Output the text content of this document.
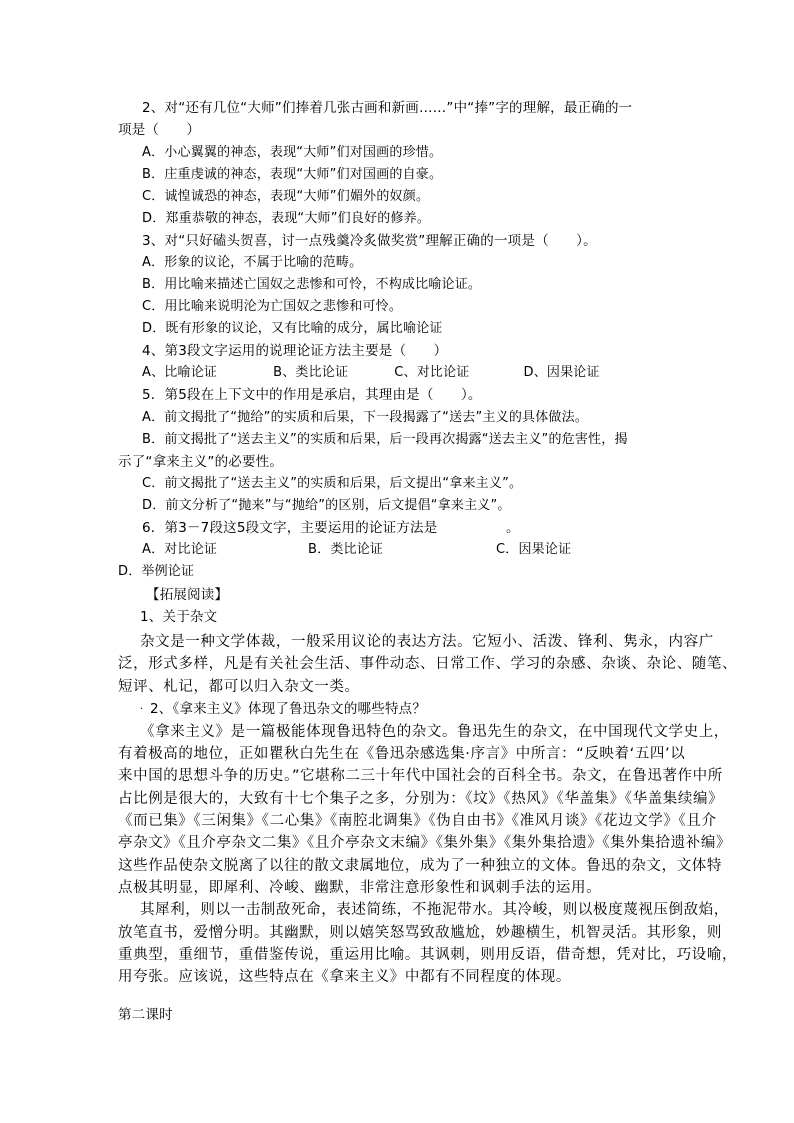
2、对“还有几位“大师”们捧着几张古画和新画……”中“捧”字的理解，最正确的一
项是（　　）
A．小心翼翼的神态，表现“大师”们对国画的珍惜。
B．庄重虔诚的神态，表现“大师”们对国画的自豪。
C．诚惶诚恐的神态，表现“大师”们媚外的奴颜。
D．郑重恭敬的神态，表现“大师”们良好的修养。
3、对“只好磕头贺喜，讨一点残羹冷炙做奖赏”理解正确的一项是（　　）。
A．形象的议论，不属于比喻的范畴。
B．用比喻来描述亡国奴之悲惨和可怜，不构成比喻论证。
C．用比喻来说明沦为亡国奴之悲惨和可怜。
D．既有形象的议论，又有比喻的成分，属比喻论证
4、第3段文字运用的说理论证方法主要是（　　）
A、比喻论证	B、类比论证	C、对比论证	D、因果论证
5．第5段在上下文中的作用是承启，其理由是（　　）。
A．前文揭批了“抛给”的实质和后果，下一段揭露了“送去”主义的具体做法。
B．前文揭批了“送去主义”的实质和后果，后一段再次揭露“送去主义”的危害性，揭
示了“拿来主义”的必要性。
C．前文揭批了“送去主义”的实质和后果，后文提出“拿来主义”。
D．前文分析了“抛来”与“抛给”的区别，后文提倡“拿来主义”。
6．第3－7段这5段文字，主要运用的论证方法是　　　　　。
A．对比论证	B．类比论证	C．因果论证
D．举例论证
【拓展阅读】
1、关于杂文
杂文是一种文学体裁，一般采用议论的表达方法。它短小、活泼、锋利、隽永，内容广
泛，形式多样，凡是有关社会生活、事件动态、日常工作、学习的杂感、杂谈、杂论、随笔、
短评、札记，都可以归入杂文一类。
. 2、《拿来主义》体现了鲁迅杂文的哪些特点？
《拿来主义》是一篇极能体现鲁迅特色的杂文。鲁迅先生的杂文，在中国现代文学史上，
有着极高的地位，正如瞿秋白先生在《鲁迅杂感选集·序言》中所言：“反映着‘五四’以
来中国的思想斗争的历史。”它堪称二三十年代中国社会的百科全书。杂文，在鲁迅著作中所
占比例是很大的，大致有十七个集子之多，分别为：《坟》《热风》《华盖集》《华盖集续编》
《而已集》《三闲集》《二心集》《南腔北调集》《伪自由书》《准风月谈》《花边文学》《且介
亭杂文》《且介亭杂文二集》《且介亭杂文末编》《集外集》《集外集拾遗》《集外集拾遗补编》
这些作品使杂文脱离了以往的散文隶属地位，成为了一种独立的文体。鲁迅的杂文，文体特
点极其明显，即犀利、冷峻、幽默，非常注意形象性和讽刺手法的运用。
其犀利，则以一击制敌死命，表述简练，不拖泥带水。其冷峻，则以极度蔑视压倒敌焰，
放笔直书，爱憎分明。其幽默，则以嬉笑怒骂致敌尴尬，妙趣横生，机智灵活。其形象，则
重典型，重细节，重借鉴传说，重运用比喻。其讽刺，则用反语，借奇想，凭对比，巧设喻，
用夸张。应该说，这些特点在《拿来主义》中都有不同程度的体现。
第二课时
